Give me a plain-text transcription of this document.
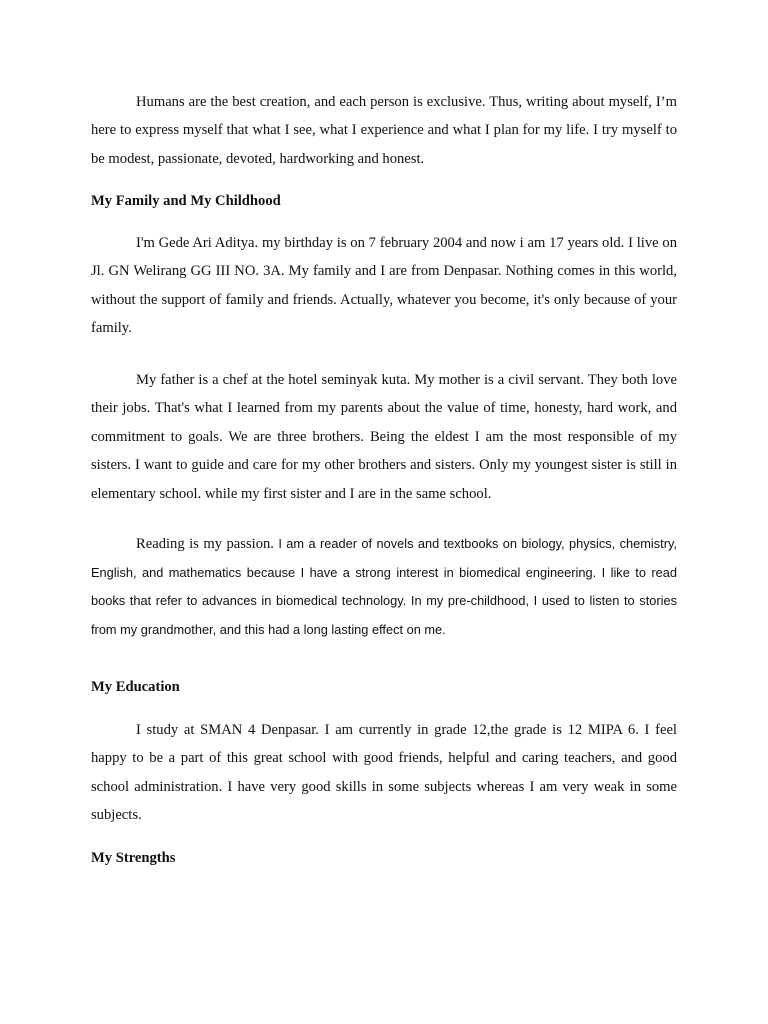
Humans are the best creation, and each person is exclusive. Thus, writing about myself, I’m here to express myself that what I see, what I experience and what I plan for my life. I try myself to be modest, passionate, devoted, hardworking and honest.

My Family and My Childhood

I'm Gede Ari Aditya. my birthday is on 7 february 2004 and now i am 17 years old. I live on Jl. GN Welirang GG III NO. 3A. My family and I are from Denpasar. Nothing comes in this world, without the support of family and friends. Actually, whatever you become, it's only because of your family.

My father is a chef at the hotel seminyak kuta. My mother is a civil servant. They both love their jobs. That's what I learned from my parents about the value of time, honesty, hard work, and commitment to goals. We are three brothers. Being the eldest I am the most responsible of my sisters. I want to guide and care for my other brothers and sisters. Only my youngest sister is still in elementary school. while my first sister and I are in the same school.

Reading is my passion. I am a reader of novels and textbooks on biology, physics, chemistry, English, and mathematics because I have a strong interest in biomedical engineering. I like to read books that refer to advances in biomedical technology. In my pre-childhood, I used to listen to stories from my grandmother, and this had a long lasting effect on me.

My Education

I study at SMAN 4 Denpasar. I am currently in grade 12,the grade is 12 MIPA 6. I feel happy to be a part of this great school with good friends, helpful and caring teachers, and good school administration. I have very good skills in some subjects whereas I am very weak in some subjects.

My Strengths
